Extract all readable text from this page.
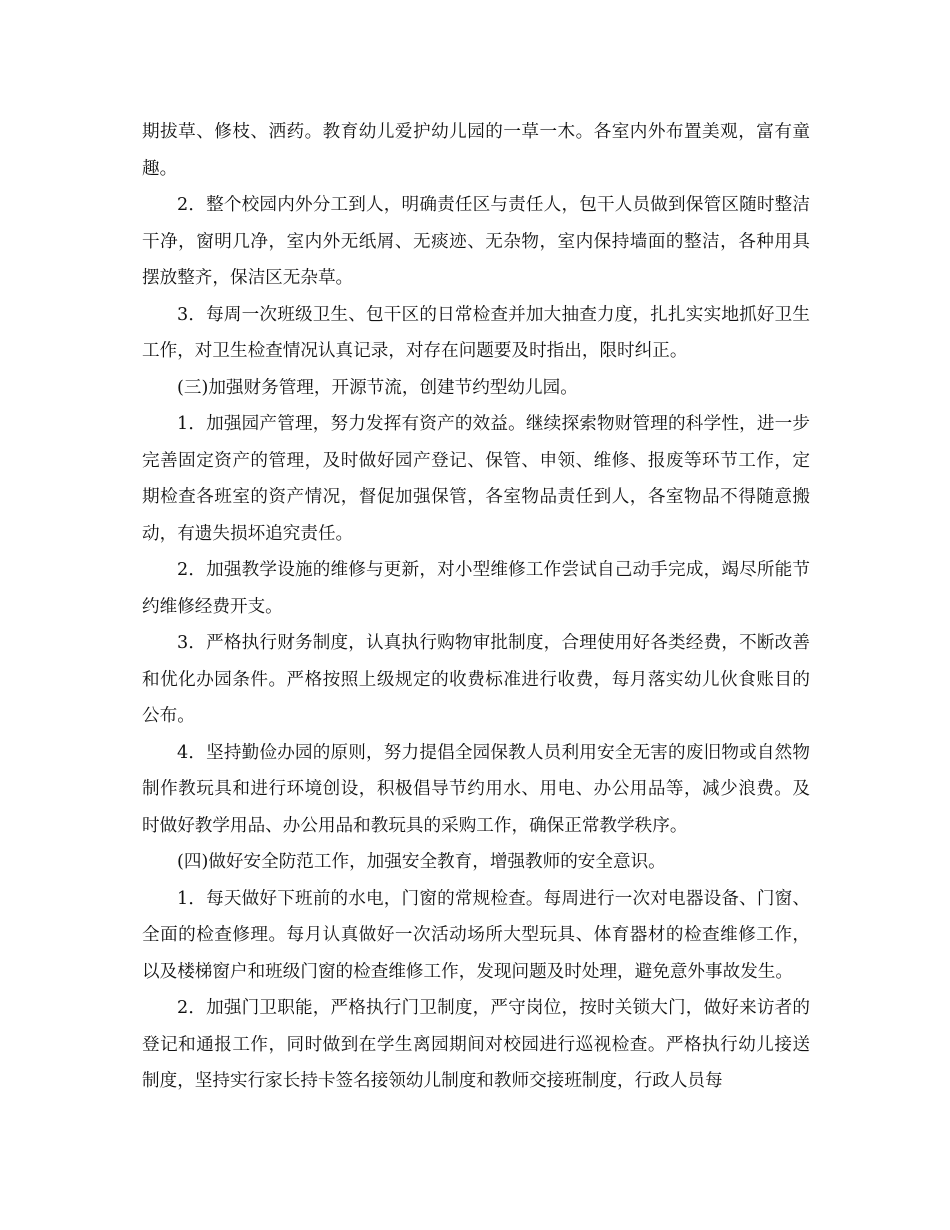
期拔草、修枝、洒药。教育幼儿爱护幼儿园的一草一木。各室内外布置美观，富有童趣。

2．整个校园内外分工到人，明确责任区与责任人，包干人员做到保管区随时整洁干净，窗明几净，室内外无纸屑、无痰迹、无杂物，室内保持墙面的整洁，各种用具摆放整齐，保洁区无杂草。

3．每周一次班级卫生、包干区的日常检查并加大抽查力度，扎扎实实地抓好卫生工作，对卫生检查情况认真记录，对存在问题要及时指出，限时纠正。

(三)加强财务管理，开源节流，创建节约型幼儿园。

1．加强园产管理，努力发挥有资产的效益。继续探索物财管理的科学性，进一步完善固定资产的管理，及时做好园产登记、保管、申领、维修、报废等环节工作，定期检查各班室的资产情况，督促加强保管，各室物品责任到人，各室物品不得随意搬动，有遗失损坏追究责任。

2．加强教学设施的维修与更新，对小型维修工作尝试自己动手完成，竭尽所能节约维修经费开支。

3．严格执行财务制度，认真执行购物审批制度，合理使用好各类经费，不断改善和优化办园条件。严格按照上级规定的收费标准进行收费，每月落实幼儿伙食账目的公布。

4．坚持勤俭办园的原则，努力提倡全园保教人员利用安全无害的废旧物或自然物制作教玩具和进行环境创设，积极倡导节约用水、用电、办公用品等，减少浪费。及时做好教学用品、办公用品和教玩具的采购工作，确保正常教学秩序。

(四)做好安全防范工作，加强安全教育，增强教师的安全意识。

1．每天做好下班前的水电，门窗的常规检查。每周进行一次对电器设备、门窗、全面的检查修理。每月认真做好一次活动场所大型玩具、体育器材的检查维修工作，以及楼梯窗户和班级门窗的检查维修工作，发现问题及时处理，避免意外事故发生。

2．加强门卫职能，严格执行门卫制度，严守岗位，按时关锁大门，做好来访者的登记和通报工作，同时做到在学生离园期间对校园进行巡视检查。严格执行幼儿接送制度，坚持实行家长持卡签名接领幼儿制度和教师交接班制度，行政人员每
